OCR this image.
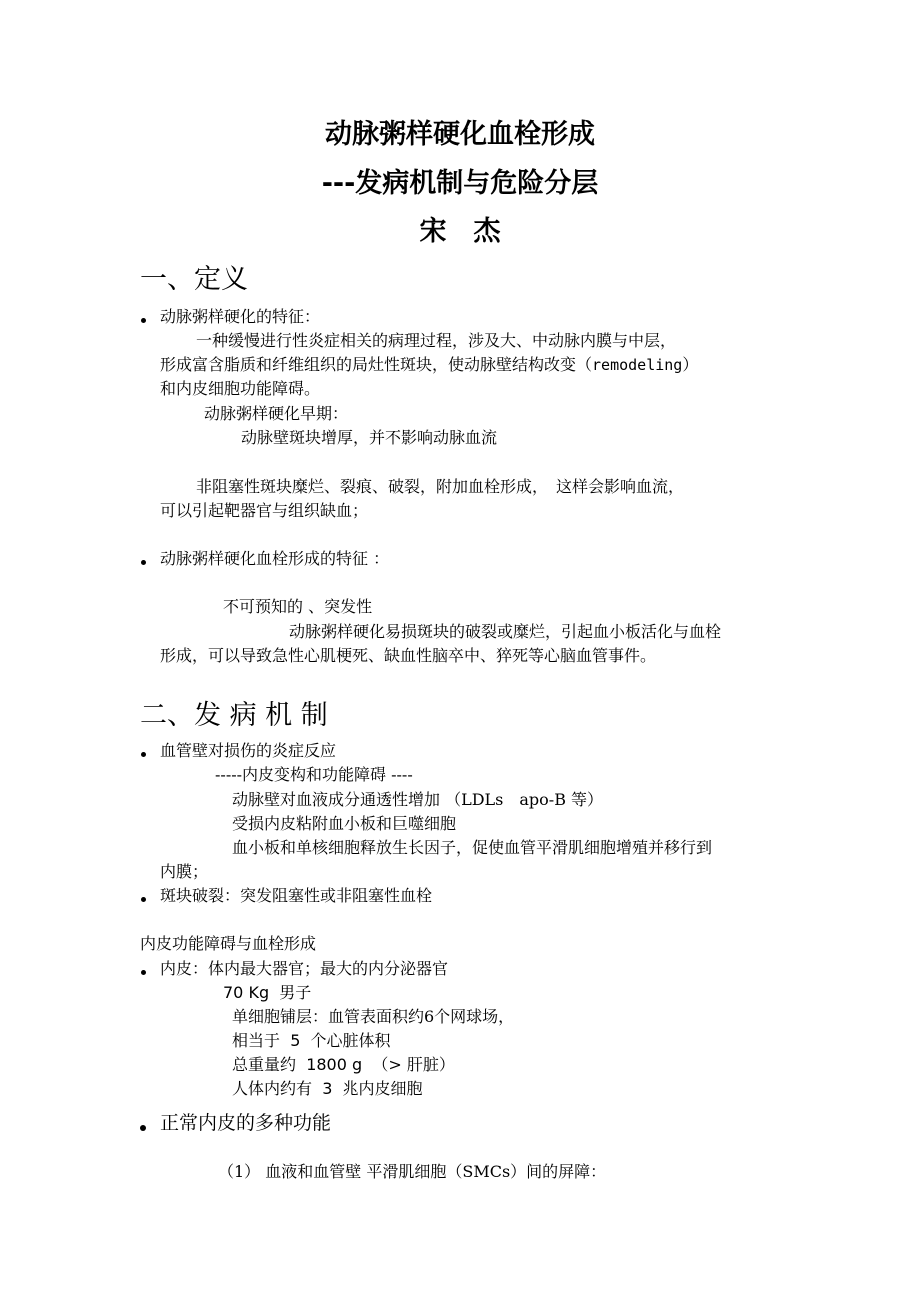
动脉粥样硬化血栓形成
---发病机制与危险分层
宋　杰
一、定义
动脉粥样硬化的特征：
一种缓慢进行性炎症相关的病理过程，涉及大、中动脉内膜与中层，
形成富含脂质和纤维组织的局灶性斑块，使动脉壁结构改变（remodeling）
和内皮细胞功能障碍。
动脉粥样硬化早期：
动脉壁斑块增厚，并不影响动脉血流
非阻塞性斑块糜烂、裂痕、破裂，附加血栓形成，　这样会影响血流，
可以引起靶器官与组织缺血；
动脉粥样硬化血栓形成的特征 ：
不可预知的 、突发性
动脉粥样硬化易损斑块的破裂或糜烂，引起血小板活化与血栓
形成，可以导致急性心肌梗死、缺血性脑卒中、猝死等心脑血管事件。
二、发 病 机 制
血管壁对损伤的炎症反应
-----内皮变构和功能障碍 ----
动脉壁对血液成分通透性增加 （LDLs　apo-B 等）
受损内皮粘附血小板和巨噬细胞
血小板和单核细胞释放生长因子，促使血管平滑肌细胞增殖并移行到
内膜；
斑块破裂：突发阻塞性或非阻塞性血栓
内皮功能障碍与血栓形成
内皮：体内最大器官；最大的内分泌器官
70 Kg 男子
单细胞铺层：血管表面积约6个网球场，
相当于 5 个心脏体积
总重量约 1800 g （> 肝脏）
人体内约有 3 兆内皮细胞
正常内皮的多种功能
（1） 血液和血管壁 平滑肌细胞（SMCs）间的屏障：
